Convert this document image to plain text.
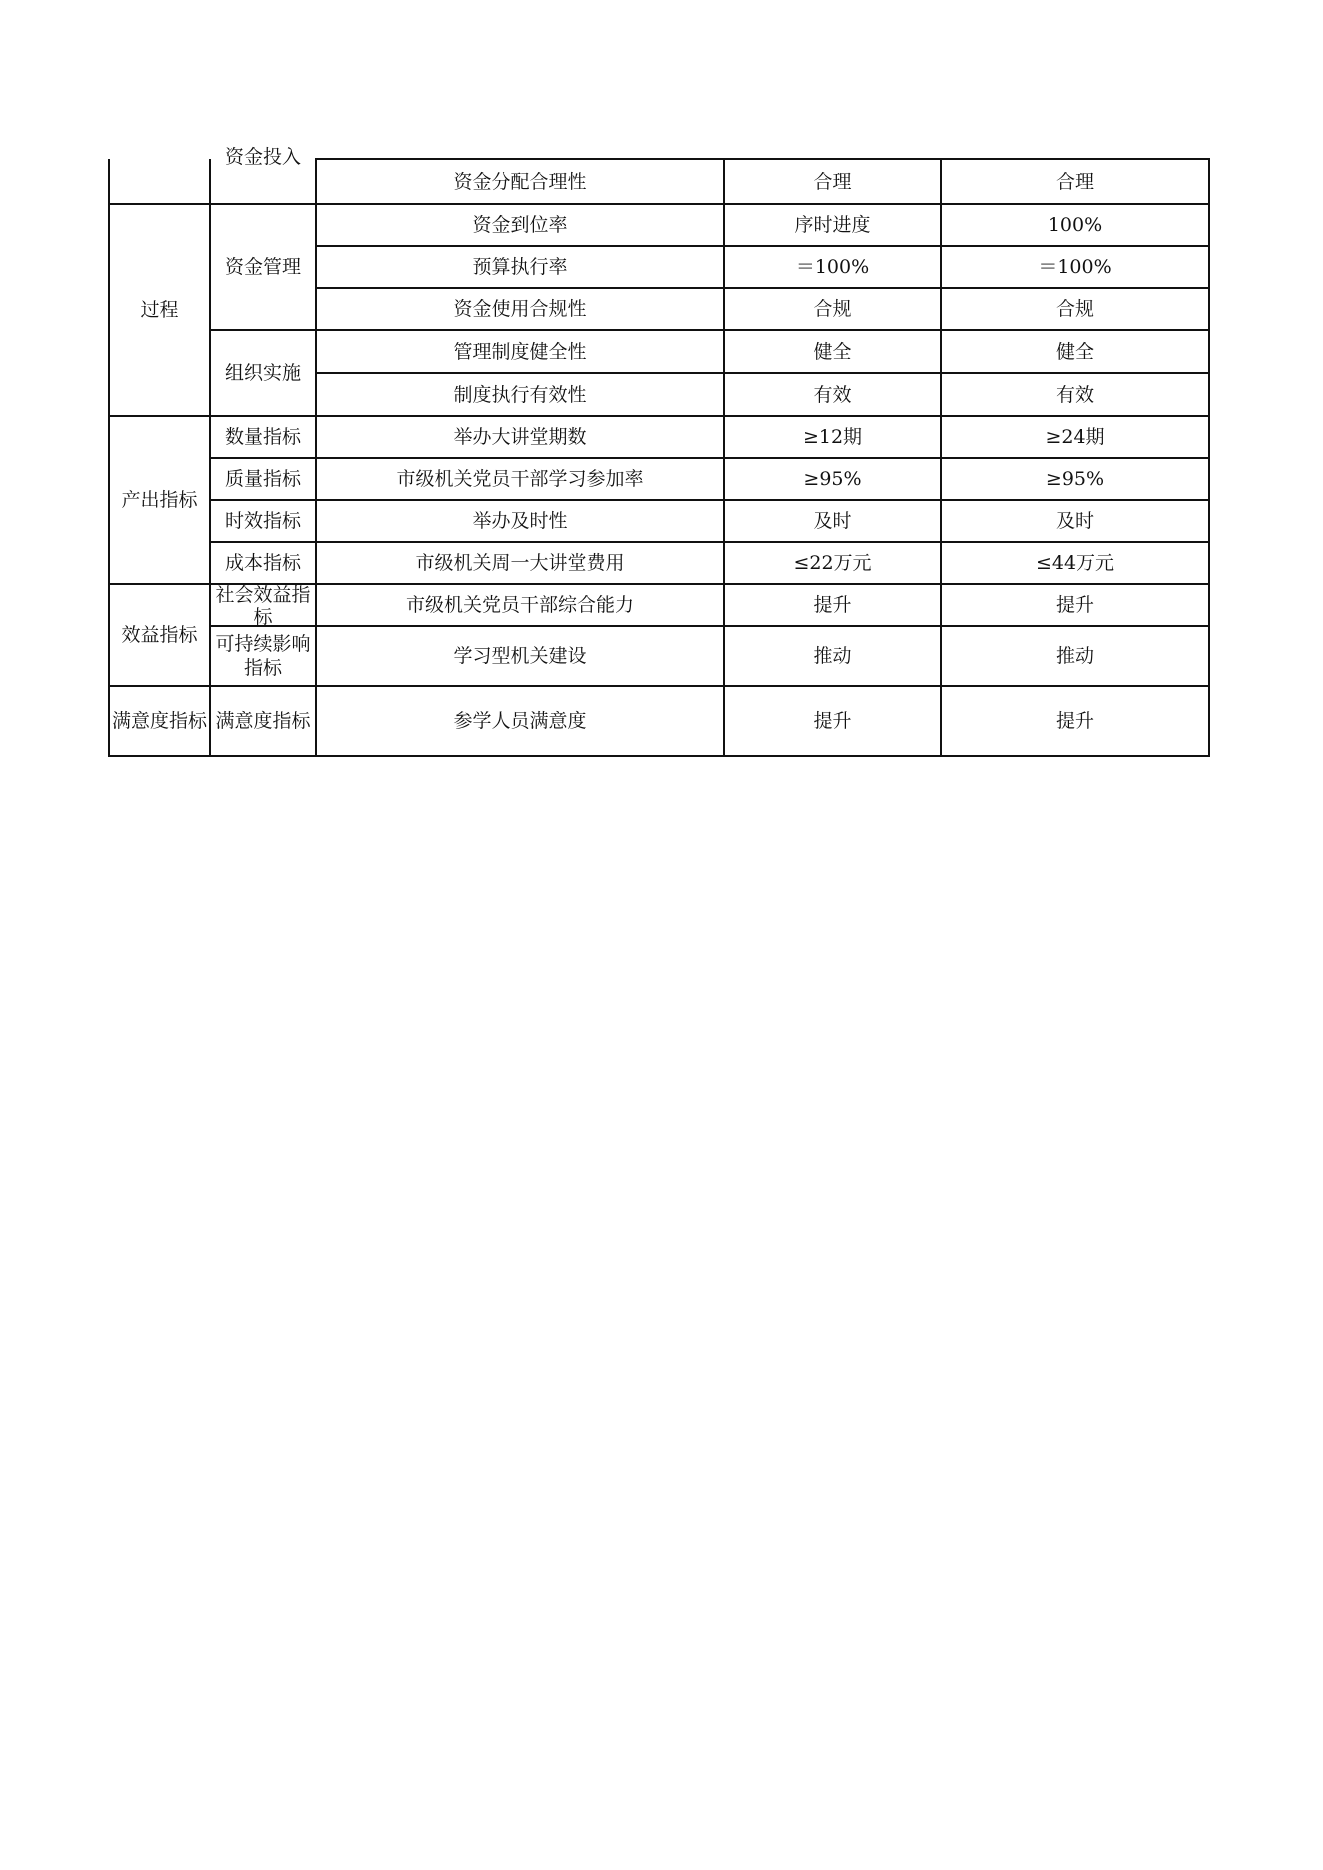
	资金投入	资金分配合理性	合理	合理
过程	资金管理	资金到位率	序时进度	100%
		预算执行率	＝100%	＝100%
		资金使用合规性	合规	合规
	组织实施	管理制度健全性	健全	健全
		制度执行有效性	有效	有效
产出指标	数量指标	举办大讲堂期数	≥12期	≥24期
	质量指标	市级机关党员干部学习参加率	≥95%	≥95%
	时效指标	举办及时性	及时	及时
	成本指标	市级机关周一大讲堂费用	≤22万元	≤44万元
效益指标	社会效益指标	市级机关党员干部综合能力	提升	提升
	可持续影响指标	学习型机关建设	推动	推动
满意度指标	满意度指标	参学人员满意度	提升	提升
